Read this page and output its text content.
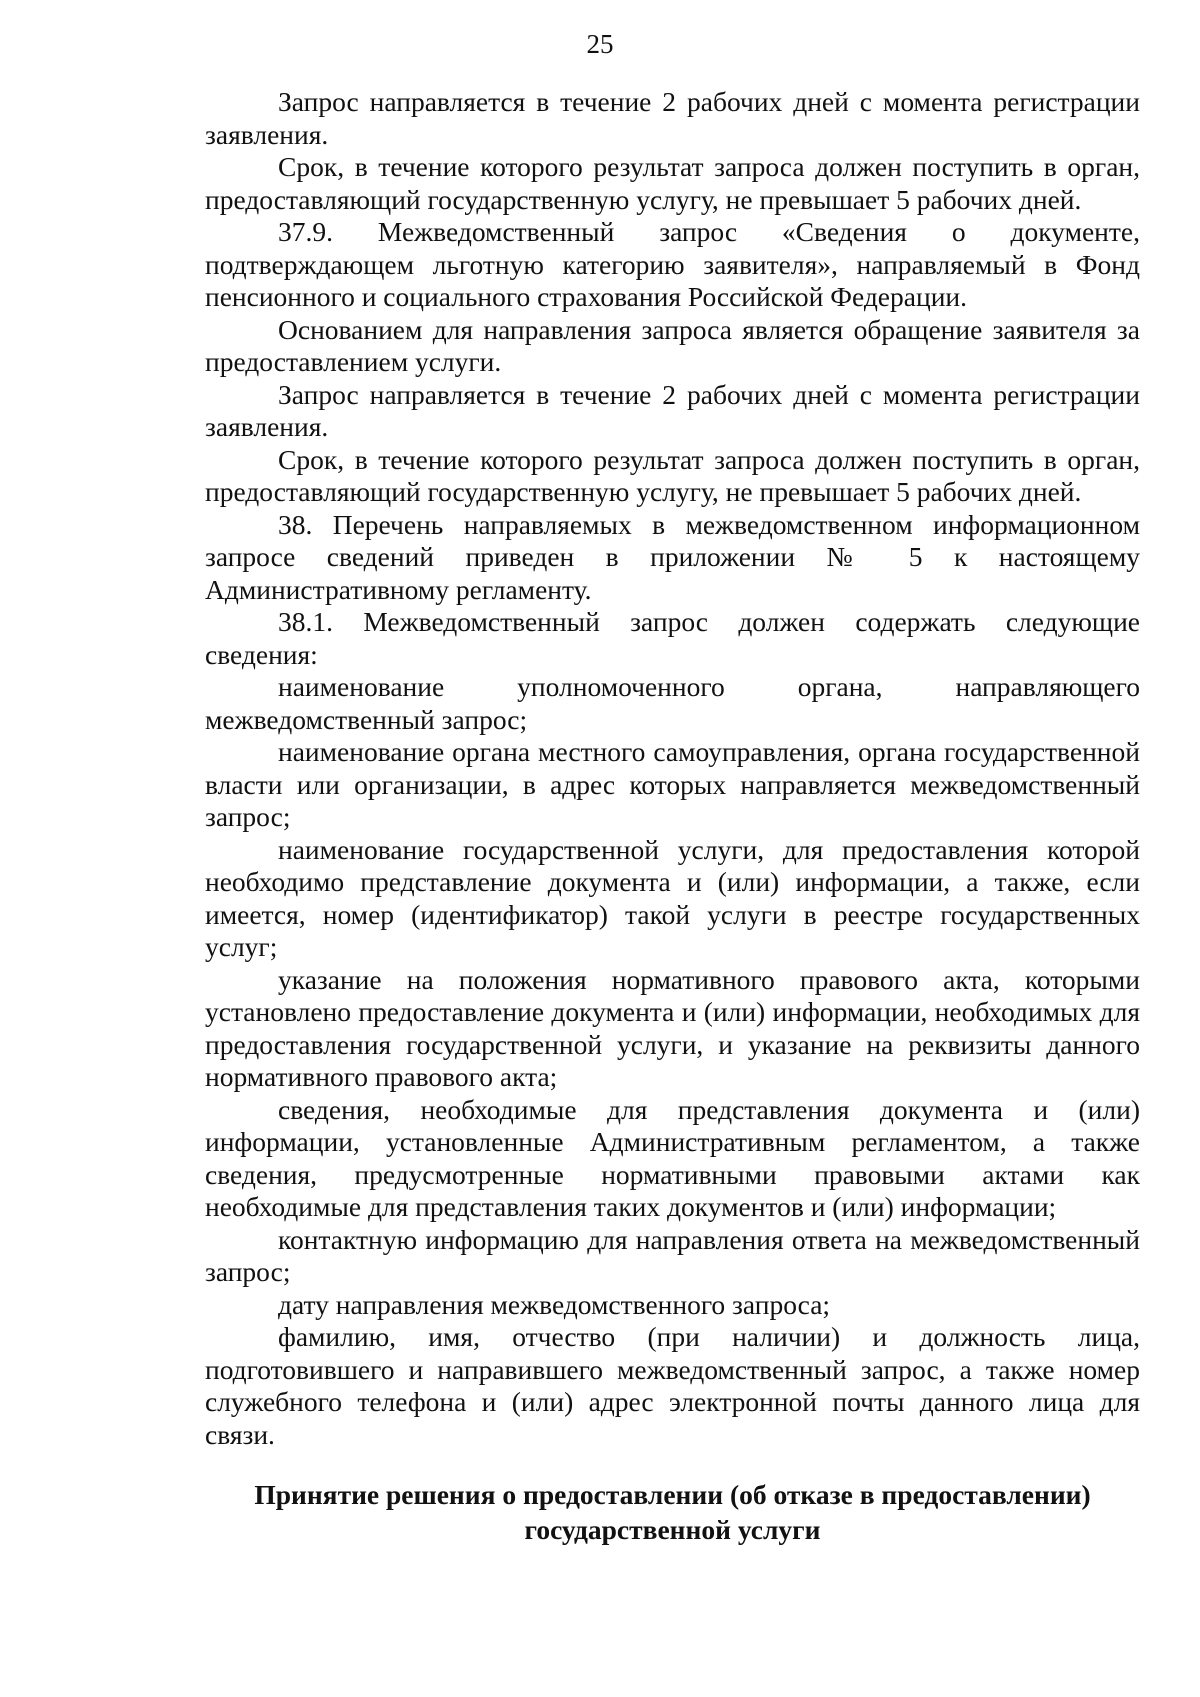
25

Запрос направляется в течение 2 рабочих дней с момента регистрации заявления.

Срок, в течение которого результат запроса должен поступить в орган, предоставляющий государственную услугу, не превышает 5 рабочих дней.

37.9. Межведомственный запрос «Сведения о документе, подтверждающем льготную категорию заявителя», направляемый в Фонд пенсионного и социального страхования Российской Федерации.

Основанием для направления запроса является обращение заявителя за предоставлением услуги.

Запрос направляется в течение 2 рабочих дней с момента регистрации заявления.

Срок, в течение которого результат запроса должен поступить в орган, предоставляющий государственную услугу, не превышает 5 рабочих дней.

38. Перечень направляемых в межведомственном информационном запросе сведений приведен в приложении № 5 к настоящему Административному регламенту.

38.1. Межведомственный запрос должен содержать следующие сведения:

наименование уполномоченного органа, направляющего межведомственный запрос;

наименование органа местного самоуправления, органа государственной власти или организации, в адрес которых направляется межведомственный запрос;

наименование государственной услуги, для предоставления которой необходимо представление документа и (или) информации, а также, если имеется, номер (идентификатор) такой услуги в реестре государственных услуг;

указание на положения нормативного правового акта, которыми установлено предоставление документа и (или) информации, необходимых для предоставления государственной услуги, и указание на реквизиты данного нормативного правового акта;

сведения, необходимые для представления документа и (или) информации, установленные Административным регламентом, а также сведения, предусмотренные нормативными правовыми актами как необходимые для представления таких документов и (или) информации;

контактную информацию для направления ответа на межведомственный запрос;

дату направления межведомственного запроса;

фамилию, имя, отчество (при наличии) и должность лица, подготовившего и направившего межведомственный запрос, а также номер служебного телефона и (или) адрес электронной почты данного лица для связи.

Принятие решения о предоставлении (об отказе в предоставлении)
государственной услуги
